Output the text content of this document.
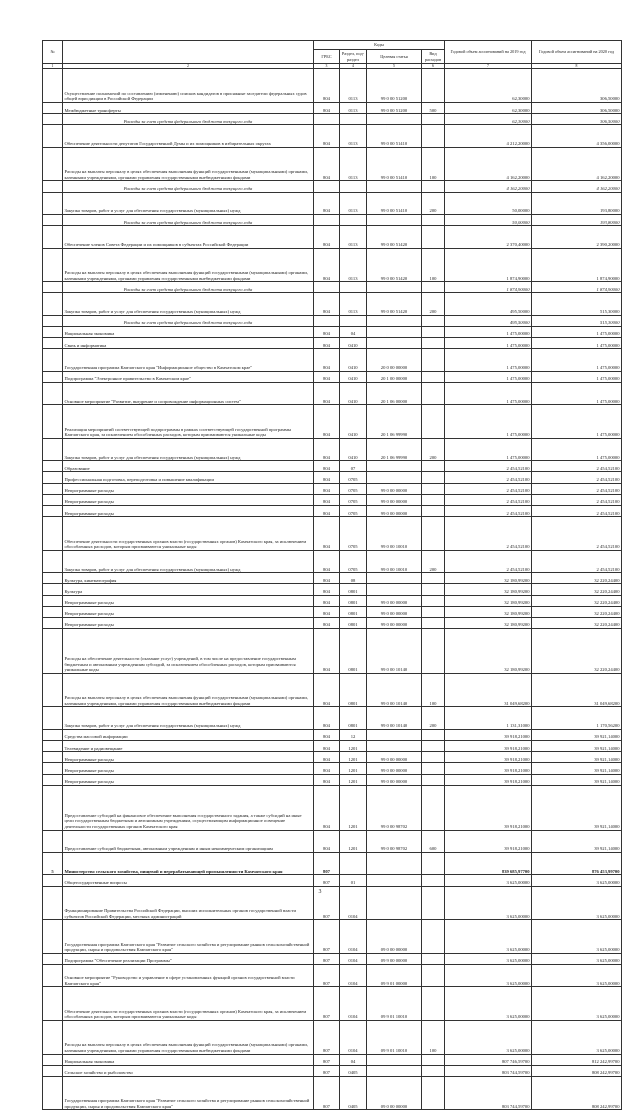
№		Коды				Годовой объем ассигнований на 2019 год	Годовой объем ассигнований на 2020 год
		ГРБС	Раздел, под-раздел	Целевая статья	Вид расходов		
1	2	3	4	5	6	7	8
	Осуществление полномочий по составлению (изменению) списков кандидатов в присяжные заседатели федеральных судов общей юрисдикции в Российской Федерации	804	0113	99 0 00 51200		62,30000	306,50000
	Межбюджетные трансферты	804	0113	99 0 00 51200	500	62,30000	306,50000
	Расходы за счет средств федерального бюджета текущего года					62,30000	306,50000
	Обеспечение деятельности депутатов Государственной Думы и их помощников в избирательных округах	804	0113	99 0 00 51410		4 212,20000	4 356,00000
	Расходы на выплаты персоналу в целях обеспечения выполнения функций государственными (муниципальными) органами, казенными учреждениями, органами управления государственными внебюджетными фондами	804	0113	99 0 00 51410	100	4 162,20000	4 162,20000
	Расходы за счет средств федерального бюджета текущего года					4 162,20000	4 162,20000
	Закупка товаров, работ и услуг для обеспечения государственных (муниципальных) нужд	804	0113	99 0 00 51410	200	50,00000	193,80000
	Расходы за счет средств федерального бюджета текущего года					50,00000	193,80000
	Обеспечение членов Совета Федерации и их помощников в субъектах Российской Федерации	804	0113	99 0 00 51420		2 370,40000	2 390,20000
	Расходы на выплаты персоналу в целях обеспечения выполнения функций государственными (муниципальными) органами, казенными учреждениями, органами управления государственными внебюджетными фондами	804	0113	99 0 00 51420	100	1 874,90000	1 874,90000
	Расходы за счет средств федерального бюджета текущего года					1 874,90000	1 874,90000
	Закупка товаров, работ и услуг для обеспечения государственных (муниципальных) нужд	804	0113	99 0 00 51420	200	495,50000	515,30000
	Расходы за счет средств федерального бюджета текущего года					495,50000	515,30000
	Национальная экономика	804	04			1 475,00000	1 475,00000
	Связь и информатика	804	0410			1 475,00000	1 475,00000
	Государственная программа Камчатского края "Информационное общество в Камчатском крае"	804	0410	20 0 00 00000		1 475,00000	1 475,00000
	Подпрограмма "Электронное правительство в Камчатском крае"	804	0410	20 1 00 00000		1 475,00000	1 475,00000
	Основное мероприятие "Развитие, внедрение и сопровождение информационных систем"	804	0410	20 1 06 00000		1 475,00000	1 475,00000
	Реализация мероприятий соответствующей подпрограммы в рамках соответствующей государственной программы Камчатского края, за исключением обособленных расходов, которым присваиваются уникальные коды	804	0410	20 1 06 99990		1 475,00000	1 475,00000
	Закупка товаров, работ и услуг для обеспечения государственных (муниципальных) нужд	804	0410	20 1 06 99990	200	1 475,00000	1 475,00000
	Образование	804	07			2 454,52100	2 454,52100
	Профессиональная подготовка, переподготовка и повышение квалификации	804	0705			2 454,52100	2 454,52100
	Непрограммные расходы	804	0705	99 0 00 00000		2 454,52100	2 454,52100
	Непрограммные расходы	804	0705	99 0 00 00000		2 454,52100	2 454,52100
	Непрограммные расходы	804	0705	99 0 00 00000		2 454,52100	2 454,52100
	Обеспечение деятельности государственных органов власти (государственных органов) Камчатского края, за исключением обособленных расходов, которым присваиваются уникальные коды	804	0705	99 0 00 10010		2 454,52100	2 454,52100
	Закупка товаров, работ и услуг для обеспечения государственных (муниципальных) нужд	804	0705	99 0 00 10010	200	2 454,52100	2 454,52100
	Культура, кинематография	804	08			32 180,99200	32 220,24400
	Культура	804	0801			32 180,99200	32 220,24400
	Непрограммные расходы	804	0801	99 0 00 00000		32 180,99200	32 220,24400
	Непрограммные расходы	804	0801	99 0 00 00000		32 180,99200	32 220,24400
	Непрограммные расходы	804	0801	99 0 00 00000		32 180,99200	32 220,24400
	Расходы на обеспечение деятельности (оказание услуг) учреждений, в том числе на предоставление государственным бюджетным и автономным учреждениям субсидий, за исключением обособленных расходов, которым присваиваются уникальные коды	804	0801	99 0 00 10140		32 180,99200	32 220,24400
	Расходы на выплаты персоналу в целях обеспечения выполнения функций государственными (муниципальными) органами, казенными учреждениями, органами управления государственными внебюджетными фондами	804	0801	99 0 00 10140	100	31 049,68200	31 049,68200
	Закупка товаров, работ и услуг для обеспечения государственных (муниципальных) нужд	804	0801	99 0 00 10140	200	1 131,31000	1 170,56200
	Средства массовой информации	804	12			39 918,21000	39 921,14000
	Телевидение и радиовещание	804	1201			39 918,21000	39 921,14000
	Непрограммные расходы	804	1201	99 0 00 00000		39 918,21000	39 921,14000
	Непрограммные расходы	804	1201	99 0 00 00000		39 918,21000	39 921,14000
	Непрограммные расходы	804	1201	99 0 00 00000		39 918,21000	39 921,14000
	Предоставление субсидий на финансовое обеспечение выполнения государственного задания, а также субсидий на иные цели государственным бюджетным и автономным учреждениям, осуществляющим информационное освещение деятельности государственных органов Камчатского края	804	1201	99 0 00 98702		39 918,21000	39 921,14000
	Предоставление субсидий бюджетным, автономным учреждениям и иным некоммерческим организациям	804	1201	99 0 00 98702	600	39 918,21000	39 921,14000
5	Министерство сельского хозяйства, пищевой и перерабатывающей промышленности Камчатского края	807				839 685,97700	876 453,99700
	Общегосударственные вопросы	807	01			3 625,00000	3 625,00000
	Функционирование Правительства Российской Федерации, высших исполнительных органов государственной власти субъектов Российской Федерации, местных администраций	807	0104			3 625,00000	3 625,00000
	Государственная программа Камчатского края "Развитие сельского хозяйства и регулирование рынков сельскохозяйственной продукции, сырья и продовольствия Камчатского края"	807	0104	09 0 00 00000		3 625,00000	3 625,00000
	Подпрограмма "Обеспечение реализации Программы"	807	0104	09 9 00 00000		3 625,00000	3 625,00000
	Основное мероприятие "Руководство и управление в сфере установленных функций органов государственной власти Камчатского края"	807	0104	09 9 01 00000		3 625,00000	3 625,00000
	Обеспечение деятельности государственных органов власти (государственных органов) Камчатского края, за исключением обособленных расходов, которым присваиваются уникальные коды	807	0104	09 9 01 10010		3 625,00000	3 625,00000
	Расходы на выплаты персоналу в целях обеспечения выполнения функций государственными (муниципальными) органами, казенными учреждениями, органами управления государственными внебюджетными фондами	807	0104	09 9 01 10010	100	3 625,00000	3 625,00000
	Национальная экономика	807	04			807 746,59700	812 242,99700
	Сельское хозяйство и рыболовство	807	0405			803 744,59700	808 242,99700
	Государственная программа Камчатского края "Развитие сельского хозяйства и регулирование рынков сельскохозяйственной продукции, сырья и продовольствия Камчатского края"	807	0405	09 0 00 00000		803 744,59700	808 242,99700
3
